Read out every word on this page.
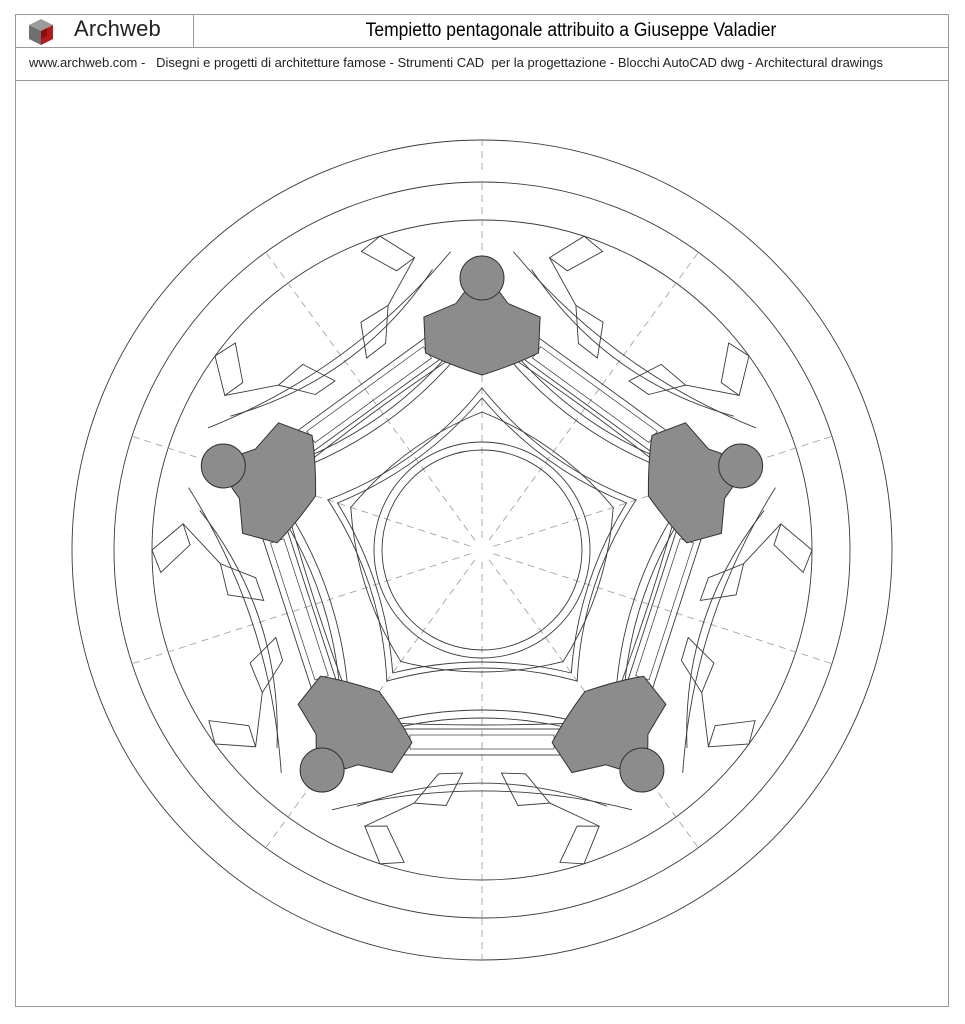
Archweb	Tempietto pentagonale attribuito a Giuseppe Valadier
www.archweb.com -   Disegni e progetti di architetture famose - Strumenti CAD  per la progettazione - Blocchi AutoCAD dwg - Architectural drawings
